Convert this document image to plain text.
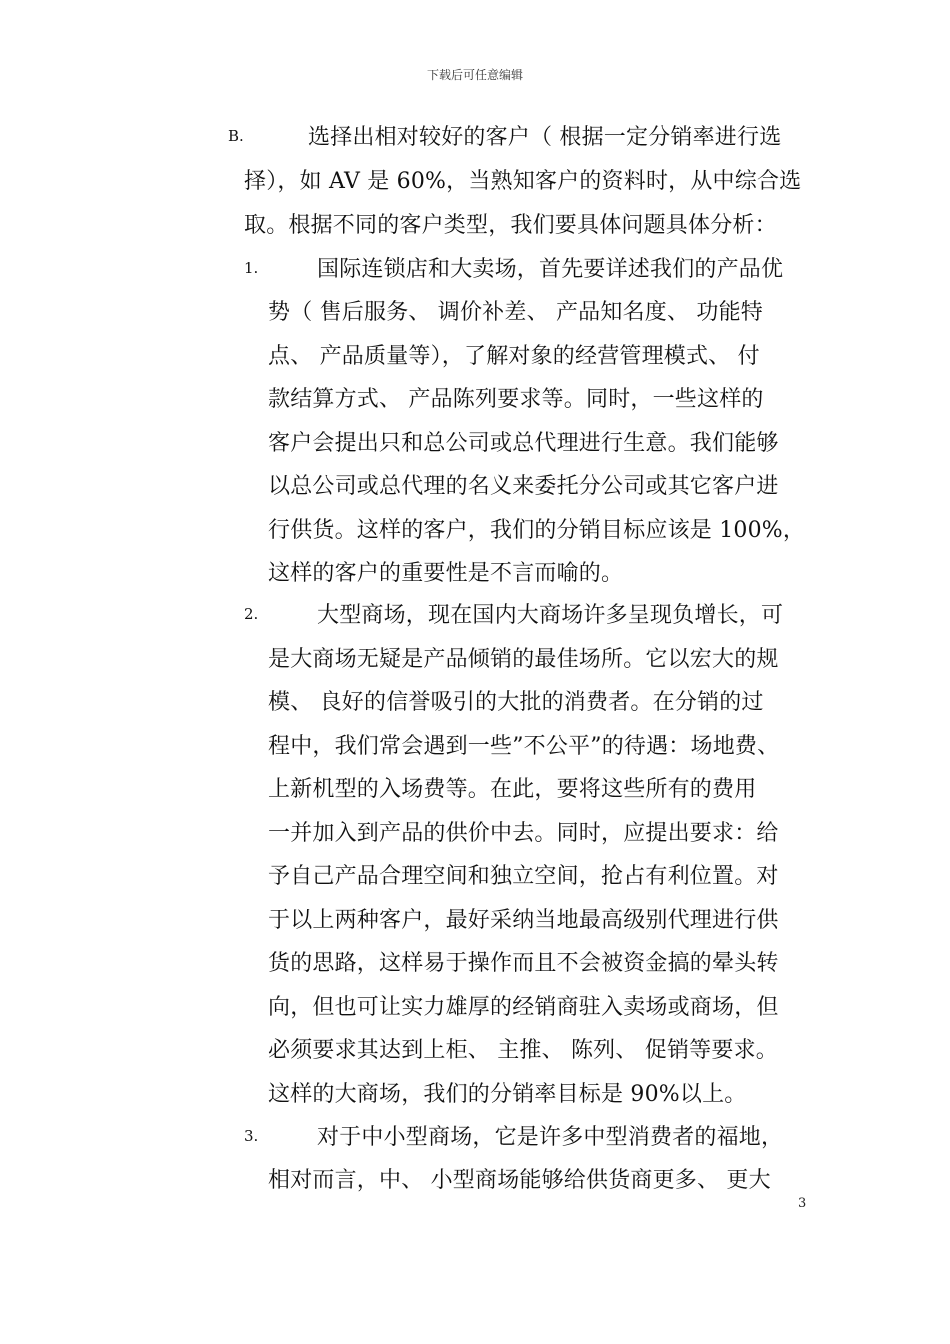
下载后可任意编辑
B.	选择出相对较好的客户（ 根据一定分销率进行选
择），如 AV 是 60%，当熟知客户的资料时，从中综合选
取。根据不同的客户类型，我们要具体问题具体分析：
1.	国际连锁店和大卖场，首先要详述我们的产品优
势（ 售后服务、 调价补差、 产品知名度、 功能特
点、 产品质量等），了解对象的经营管理模式、 付
款结算方式、 产品陈列要求等。同时，一些这样的
客户会提出只和总公司或总代理进行生意。我们能够
以总公司或总代理的名义来委托分公司或其它客户进
行供货。这样的客户，我们的分销目标应该是 100%，
这样的客户的重要性是不言而喻的。
2.	大型商场，现在国内大商场许多呈现负增长，可
是大商场无疑是产品倾销的最佳场所。它以宏大的规
模、 良好的信誉吸引的大批的消费者。在分销的过
程中，我们常会遇到一些”不公平”的待遇：场地费、
上新机型的入场费等。在此，要将这些所有的费用
一并加入到产品的供价中去。同时，应提出要求：给
予自己产品合理空间和独立空间，抢占有利位置。对
于以上两种客户，最好采纳当地最高级别代理进行供
货的思路，这样易于操作而且不会被资金搞的晕头转
向，但也可让实力雄厚的经销商驻入卖场或商场，但
必须要求其达到上柜、 主推、 陈列、 促销等要求。
这样的大商场，我们的分销率目标是 90%以上。
3.	对于中小型商场，它是许多中型消费者的福地，
相对而言，中、 小型商场能够给供货商更多、 更大
3
